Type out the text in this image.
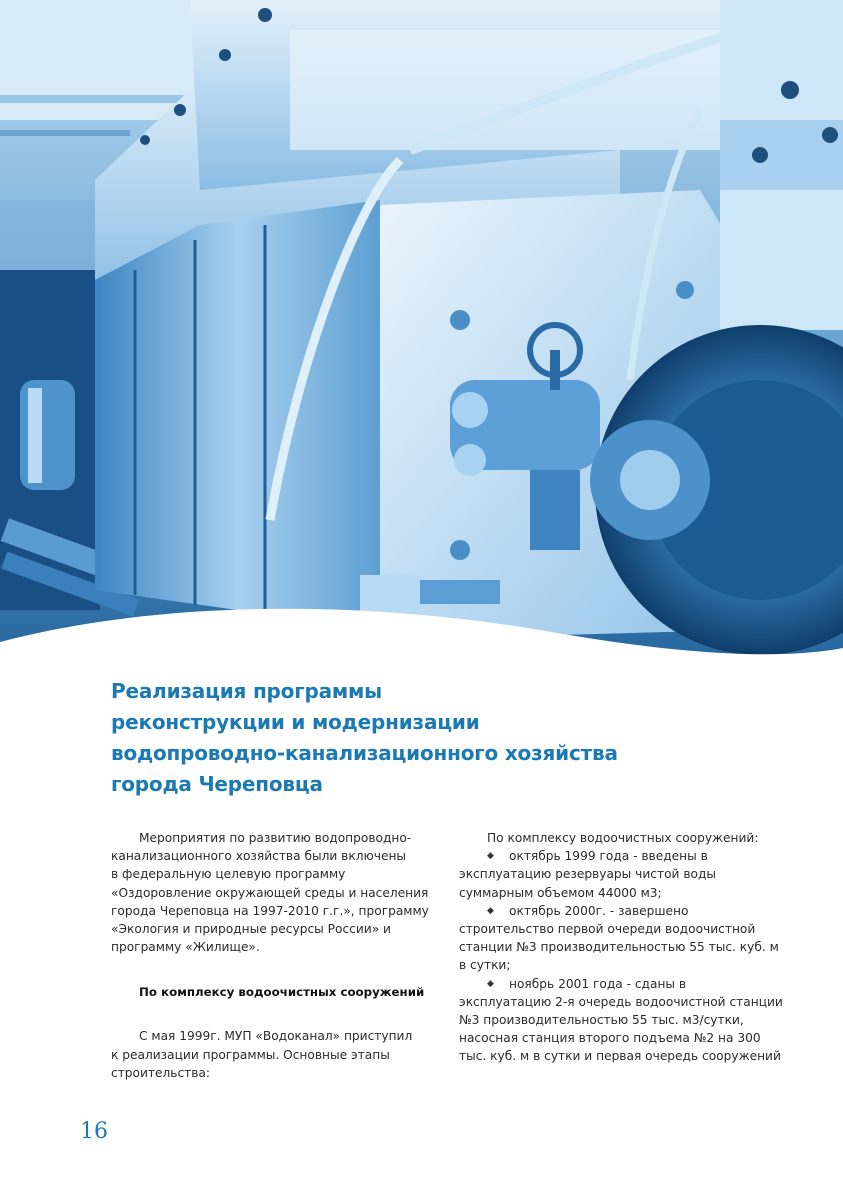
Реализация программы
реконструкции и модернизации
водопроводно-канализационного хозяйства
города Череповца

Мероприятия по развитию водопроводно-
канализационного хозяйства были включены
в федеральную целевую программу
«Оздоровление окружающей среды и населения
города Череповца на 1997-2010 г.г.», программу
«Экология и природные ресурсы России» и
программу «Жилище».

По комплексу водоочистных сооружений

С мая 1999г. МУП «Водоканал» приступил
к реализации программы. Основные этапы
строительства:

По комплексу водоочистных сооружений:

◆ октябрь 1999 года - введены в
эксплуатацию резервуары чистой воды
суммарным объемом 44000 м3;

◆ октябрь 2000г. - завершено
строительство первой очереди водоочистной
станции №3 производительностью 55 тыс. куб. м
в сутки;

◆ ноябрь 2001 года - сданы в
эксплуатацию 2-я очередь водоочистной станции
№3 производительностью 55 тыс. м3/сутки,
насосная станция второго подъема №2 на 300
тыс. куб. м в сутки и первая очередь сооружений

16
